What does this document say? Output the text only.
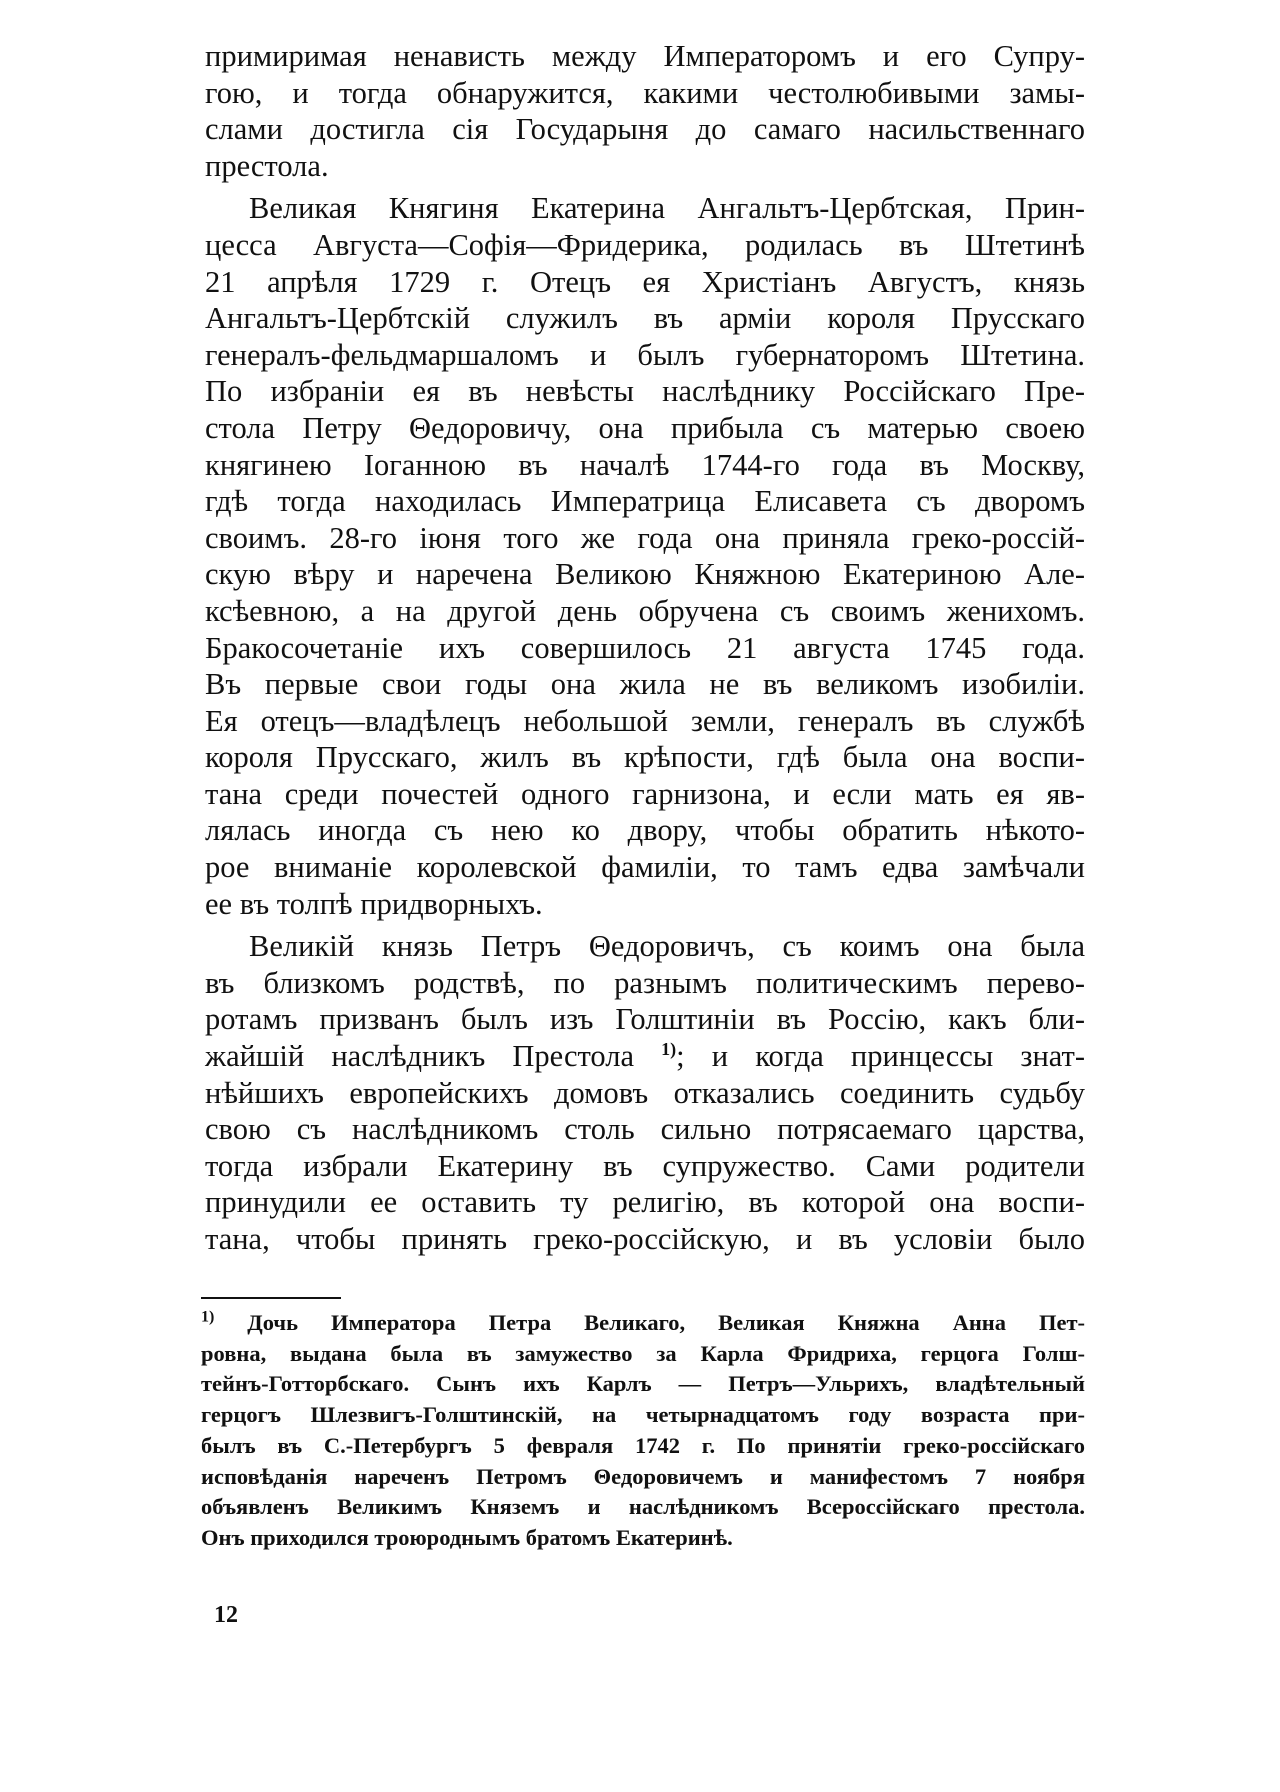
примиримая ненависть между Императоромъ и его Супру-
гою, и тогда обнаружится, какими честолюбивыми замы-
слами достигла сія Государыня до самаго насильственнаго
престола.

Великая Княгиня Екатерина Ангальтъ-Цербтская, Прин-
цесса Августа—Софія—Фридерика, родилась въ Штетинѣ
21 апрѣля 1729 г. Отецъ ея Христіанъ Августъ, князь
Ангальтъ-Цербтскій служилъ въ арміи короля Прусскаго
генералъ-фельдмаршаломъ и былъ губернаторомъ Штетина.
По избраніи ея въ невѣсты наслѣднику Россійскаго Пре-
стола Петру Θедоровичу, она прибыла съ матерью своею
княгинею Іоганною въ началѣ 1744-го года въ Москву,
гдѣ тогда находилась Императрица Елисавета съ дворомъ
своимъ. 28-го іюня того же года она приняла греко-россій-
скую вѣру и наречена Великою Княжною Екатериною Але-
ксѣевною, а на другой день обручена съ своимъ женихомъ.
Бракосочетаніе ихъ совершилось 21 августа 1745 года.
Въ первые свои годы она жила не въ великомъ изобиліи.
Ея отецъ—владѣлецъ небольшой земли, генералъ въ службѣ
короля Прусскаго, жилъ въ крѣпости, гдѣ была она воспи-
тана среди почестей одного гарнизона, и если мать ея яв-
лялась иногда съ нею ко двору, чтобы обратить нѣкото-
рое вниманіе королевской фамиліи, то тамъ едва замѣчали
ее въ толпѣ придворныхъ.

Великій князь Петръ Θедоровичъ, съ коимъ она была
въ близкомъ родствѣ, по разнымъ политическимъ перево-
ротамъ призванъ былъ изъ Голштиніи въ Россію, какъ бли-
жайшій наслѣдникъ Престола $^{1)}$; и когда принцессы знат-
нѣйшихъ европейскихъ домовъ отказались соединить судьбу
свою съ наслѣдникомъ столь сильно потрясаемаго царства,
тогда избрали Екатерину въ супружество. Сами родители
принудили ее оставить ту религію, въ которой она воспи-
тана, чтобы принять греко-россійскую, и въ условіи было

$^{1)}$ Дочь Императора Петра Великаго, Великая Княжна Анна Пет-
ровна, выдана была въ замужество за Карла Фридриха, герцога Голш-
тейнъ-Готторбскаго. Сынъ ихъ Карлъ — Петръ—Ульрихъ, владѣтельный
герцогъ Шлезвигъ-Голштинскій, на четырнадцатомъ году возраста при-
былъ въ С.-Петербургъ 5 февраля 1742 г. По принятіи греко-россійскаго
исповѣданія нареченъ Петромъ Θедоровичемъ и манифестомъ 7 ноября
объявленъ Великимъ Княземъ и наслѣдникомъ Всероссійскаго престола.
Онъ приходился троюроднымъ братомъ Екатеринѣ.
12
